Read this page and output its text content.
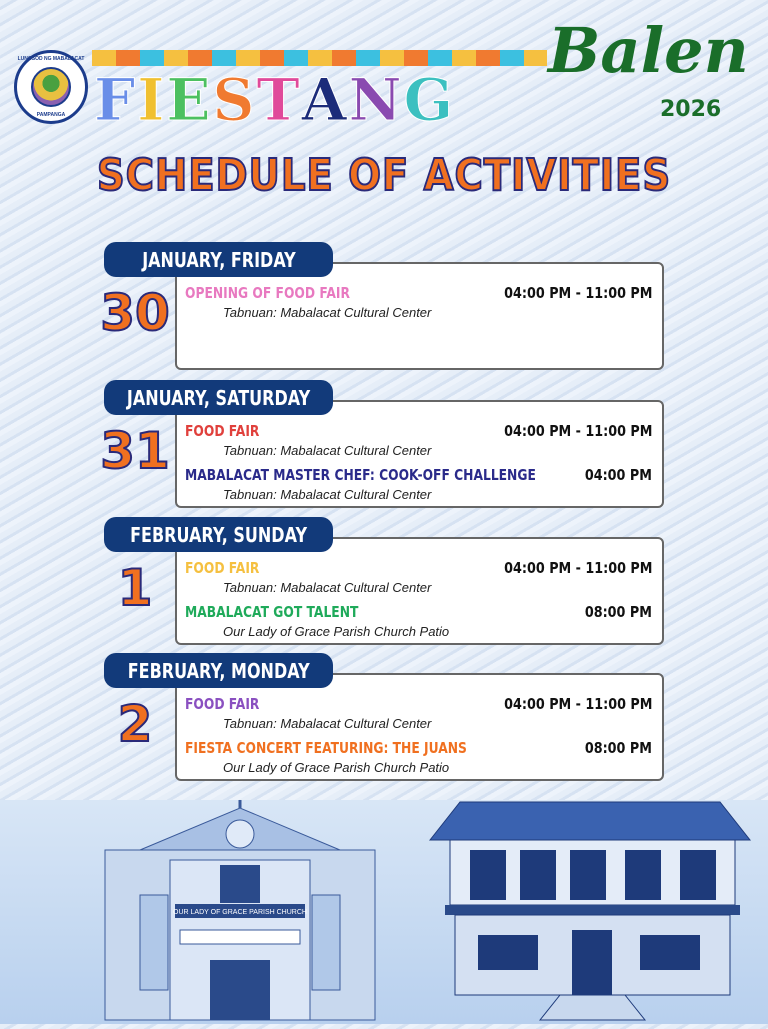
LUNGSOD NG MABALACAT
PAMPANGA F I E S T A N G
Balen
2026
SCHEDULE OF ACTIVITIES
JANUARY, FRIDAY
30 OPENING OF FOOD FAIR	04:00 PM - 11:00 PM
Tabnuan: Mabalacat Cultural Center
JANUARY, SATURDAY
31 FOOD FAIR	04:00 PM - 11:00 PM
Tabnuan: Mabalacat Cultural Center
MABALACAT MASTER CHEF: COOK-OFF CHALLENGE	04:00 PM
Tabnuan: Mabalacat Cultural Center
FEBRUARY, SUNDAY
1	FOOD FAIR	04:00 PM - 11:00 PM
Tabnuan: Mabalacat Cultural Center
MABALACAT GOT TALENT	08:00 PM
Our Lady of Grace Parish Church Patio
FEBRUARY, MONDAY
2	FOOD FAIR	04:00 PM - 11:00 PM
Tabnuan: Mabalacat Cultural Center
FIESTA CONCERT FEATURING: THE JUANS	08:00 PM
Our Lady of Grace Parish Church Patio
OUR LADY OF GRACE PARISH CHURCH
